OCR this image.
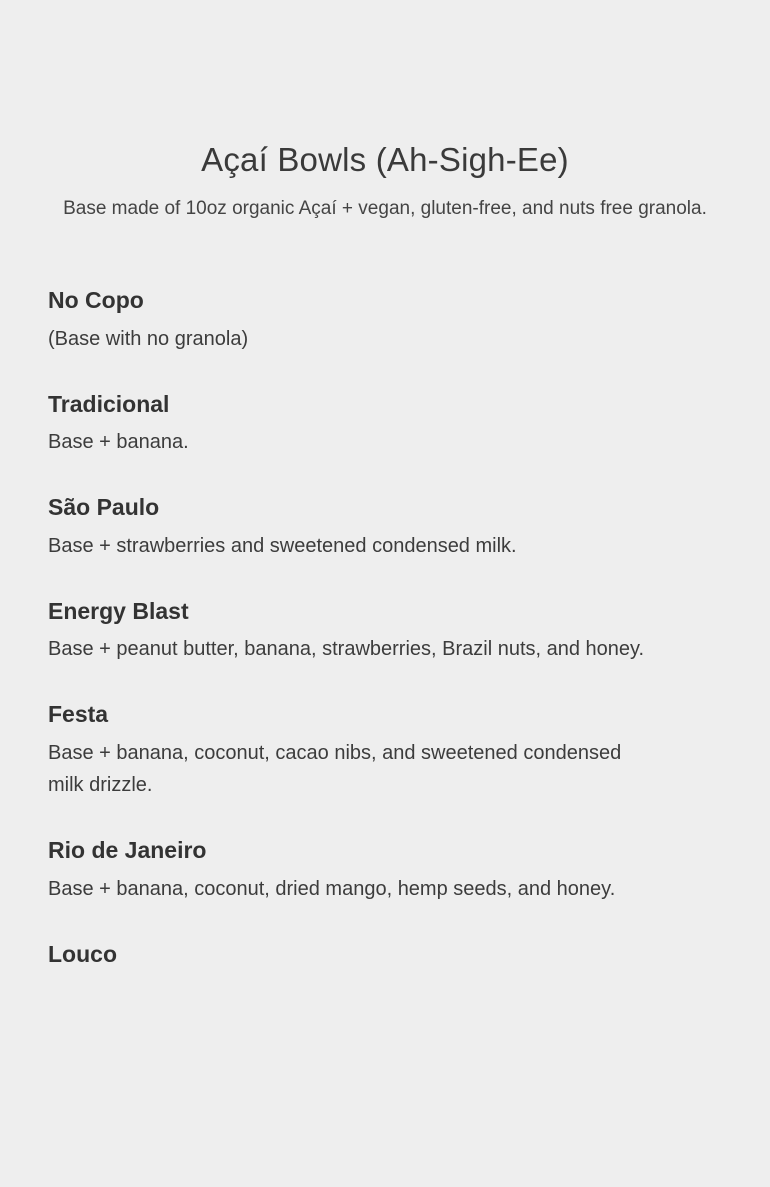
Açaí Bowls (Ah-Sigh-Ee)

Base made of 10oz organic Açaí + vegan, gluten-free, and nuts free granola.

No Copo

(Base with no granola)

Tradicional

Base + banana.

São Paulo

Base + strawberries and sweetened condensed milk.

Energy Blast

Base + peanut butter, banana, strawberries, Brazil nuts, and honey.

Festa

Base + banana, coconut, cacao nibs, and sweetened condensed milk drizzle.

Rio de Janeiro

Base + banana, coconut, dried mango, hemp seeds, and honey.

Louco
